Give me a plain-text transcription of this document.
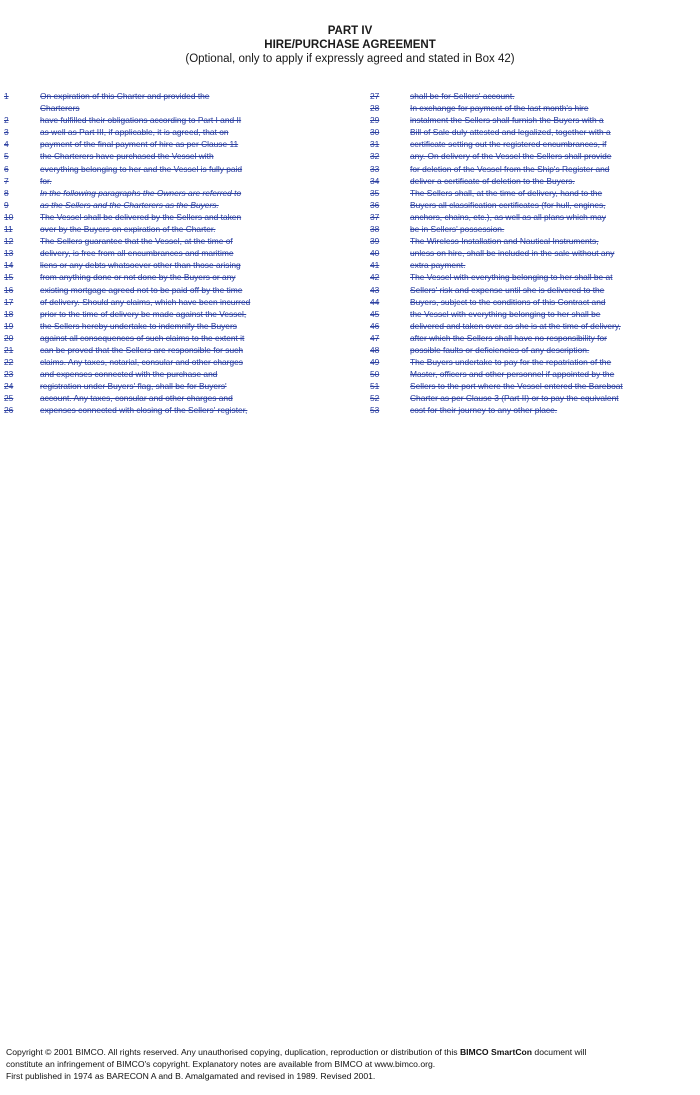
PART IV
HIRE/PURCHASE AGREEMENT
(Optional, only to apply if expressly agreed and stated in Box 42)
1	On expiration of this Charter and provided the
Charterers
2	have fulfilled their obligations according to Part I and II
3	as well as Part III, if applicable, it is agreed, that on
4	payment of the final payment of hire as per Clause 11
5	the Charterers have purchased the Vessel with
6	everything belonging to her and the Vessel is fully paid
7	for.
8	In the following paragraphs the Owners are referred to
9	as the Sellers and the Charterers as the Buyers.
10	The Vessel shall be delivered by the Sellers and taken
11	over by the Buyers on expiration of the Charter.
12	The Sellers guarantee that the Vessel, at the time of
13	delivery, is free from all encumbrances and maritime
14	liens or any debts whatsoever other than those arising
15	from anything done or not done by the Buyers or any
16	existing mortgage agreed not to be paid off by the time
17	of delivery. Should any claims, which have been incurred
18	prior to the time of delivery be made against the Vessel,
19	the Sellers hereby undertake to indemnify the Buyers
20	against all consequences of such claims to the extent it
21	can be proved that the Sellers are responsible for such
22	claims. Any taxes, notarial, consular and other charges
23	and expenses connected with the purchase and
24	registration under Buyers' flag, shall be for Buyers'
25	account. Any taxes, consular and other charges and
26	expenses connected with closing of the Sellers' register,
27	shall be for Sellers' account.
28	In exchange for payment of the last month's hire
29	instalment the Sellers shall furnish the Buyers with a
30	Bill of Sale duly attested and legalized, together with a
31	certificate setting out the registered encumbrances, if
32	any. On delivery of the Vessel the Sellers shall provide
33	for deletion of the Vessel from the Ship's Register and
34	deliver a certificate of deletion to the Buyers.
35	The Sellers shall, at the time of delivery, hand to the
36	Buyers all classification certificates (for hull, engines,
37	anchors, chains, etc.), as well as all plans which may
38	be in Sellers' possession.
39	The Wireless Installation and Nautical Instruments,
40	unless on hire, shall be included in the sale without any
41	extra payment.
42	The Vessel with everything belonging to her shall be at
43	Sellers' risk and expense until she is delivered to the
44	Buyers, subject to the conditions of this Contract and
45	the Vessel with everything belonging to her shall be
46	delivered and taken over as she is at the time of delivery,
47	after which the Sellers shall have no responsibility for
48	possible faults or deficiencies of any description.
49	The Buyers undertake to pay for the repatriation of the
50	Master, officers and other personnel if appointed by the
51	Sellers to the port where the Vessel entered the Bareboat
52	Charter as per Clause 3 (Part II) or to pay the equivalent
53	cost for their journey to any other place.
Copyright © 2001 BIMCO. All rights reserved. Any unauthorised copying, duplication, reproduction or distribution of this BIMCO SmartCon document will
constitute an infringement of BIMCO's copyright. Explanatory notes are available from BIMCO at www.bimco.org.
First published in 1974 as BARECON A and B. Amalgamated and revised in 1989. Revised 2001.
